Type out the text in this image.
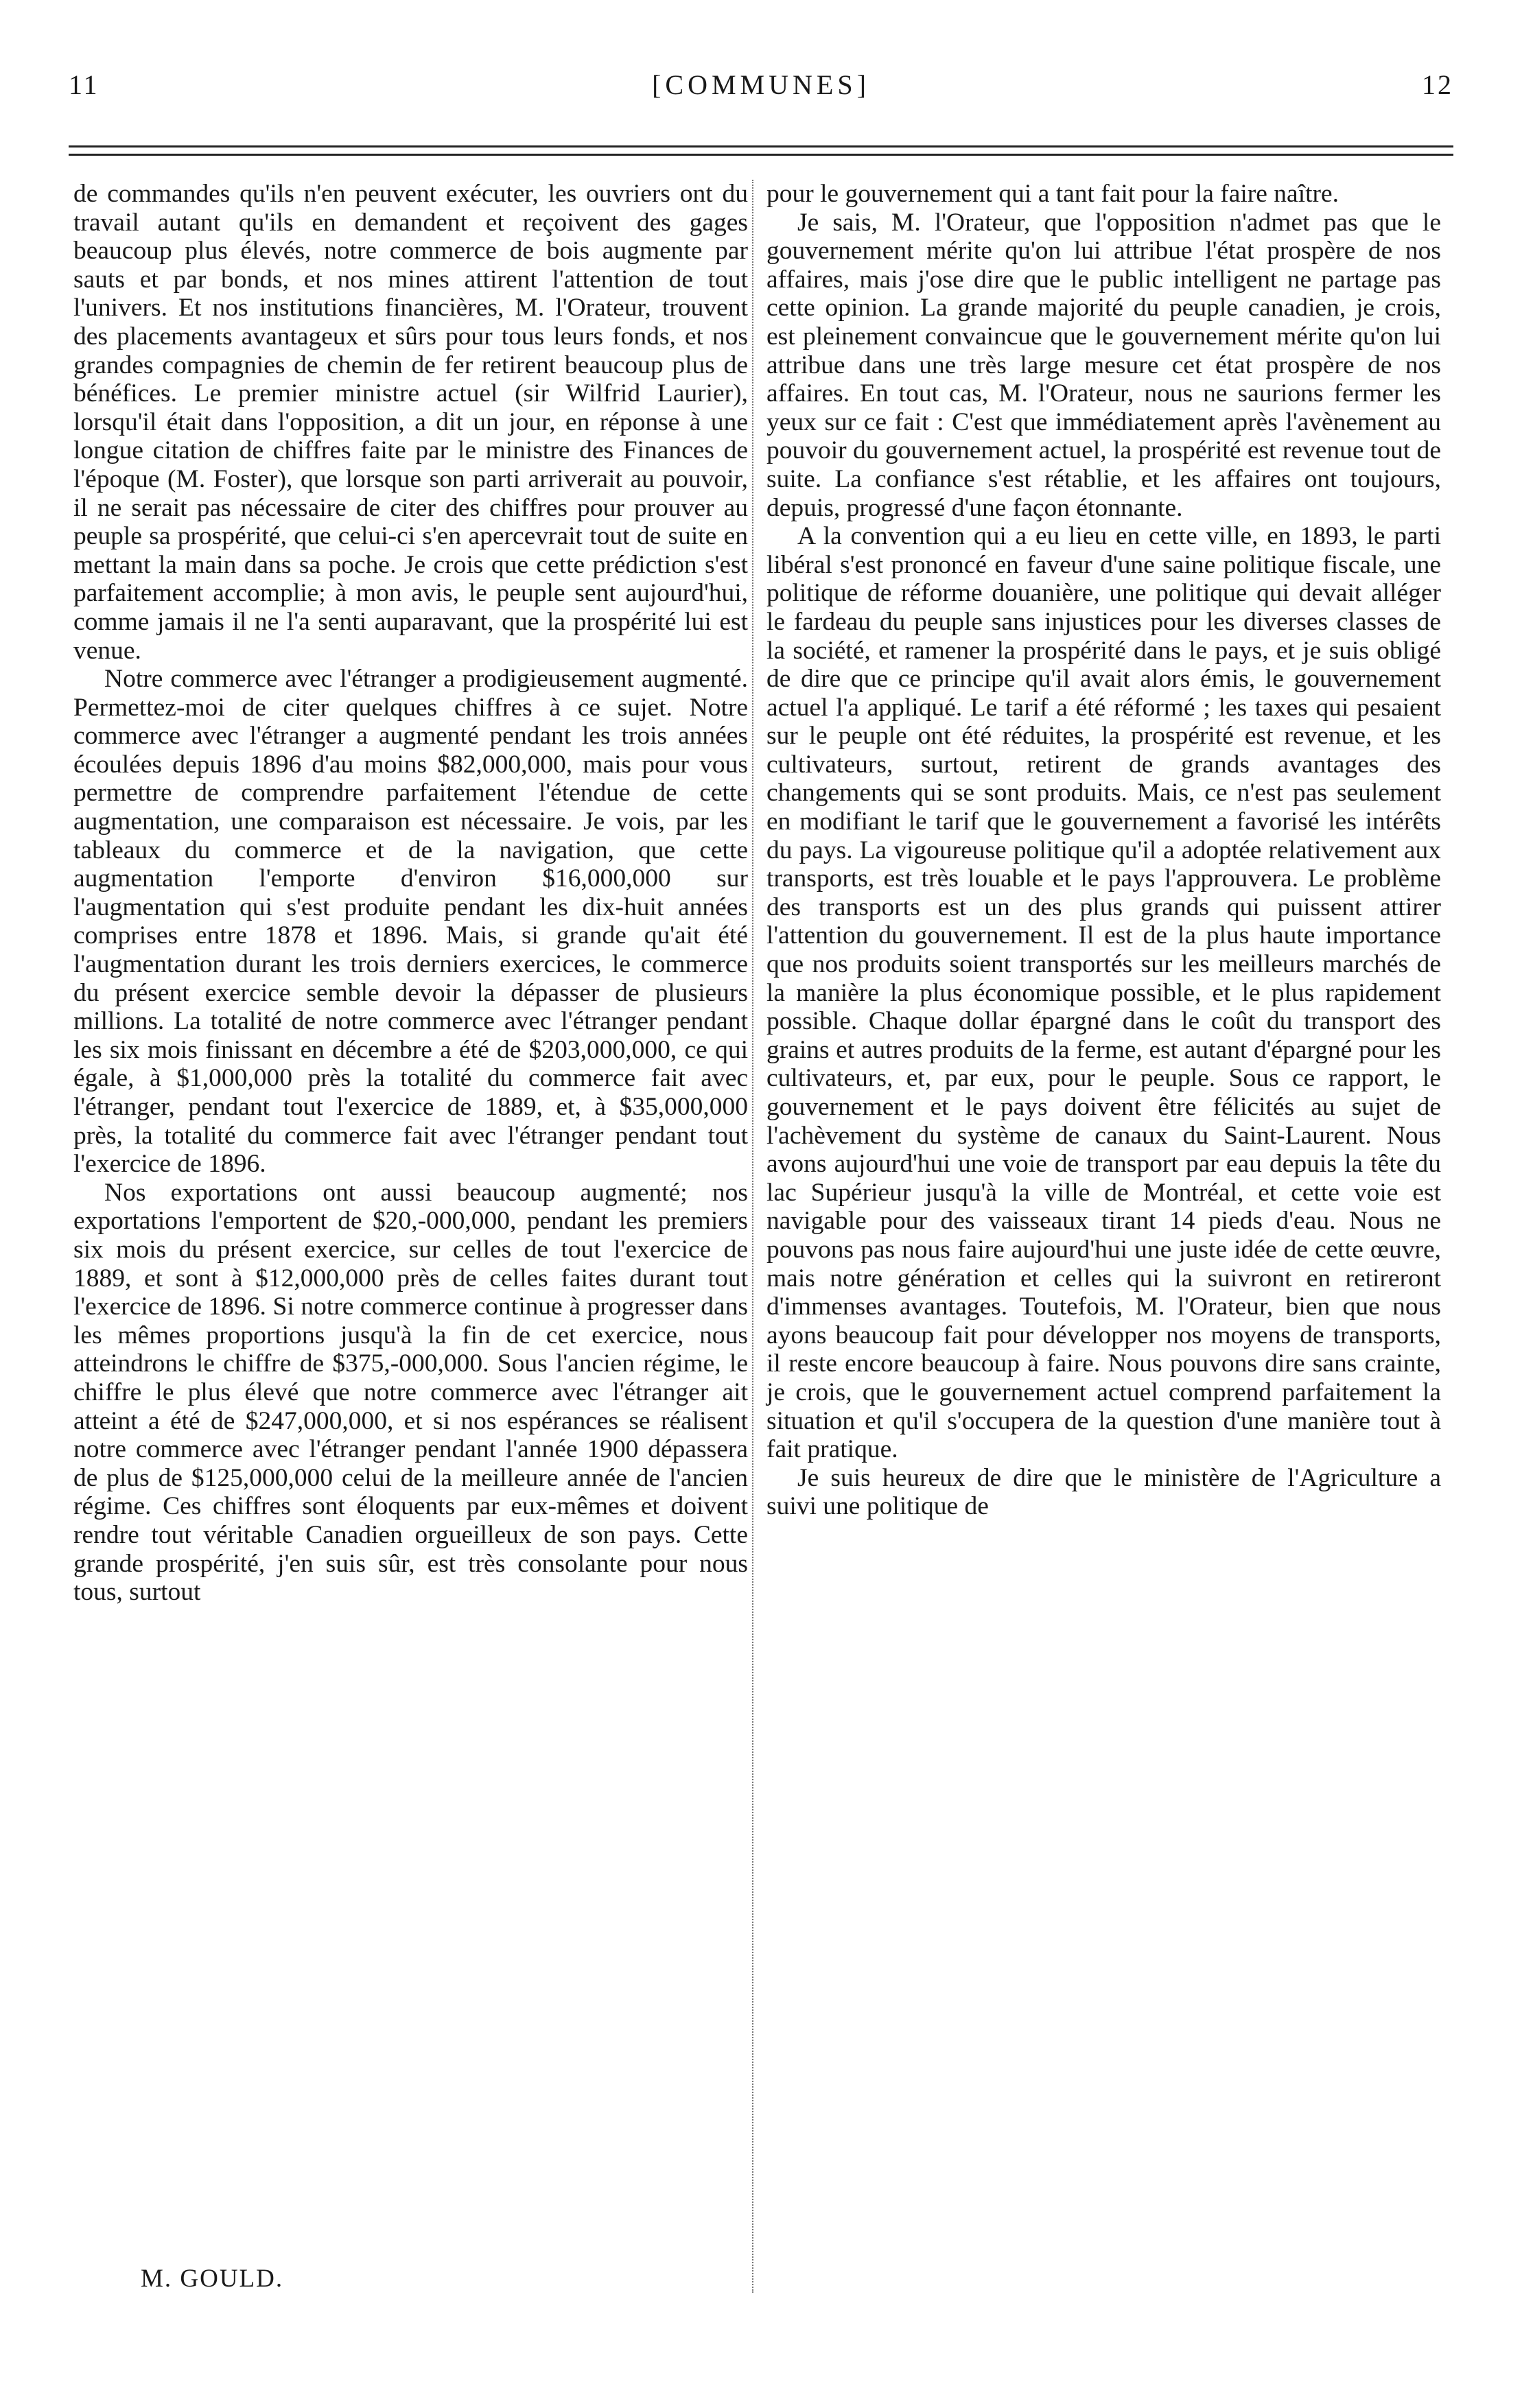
11	[COMMUNES]	12

de commandes qu'ils n'en peuvent exécuter, les ouvriers ont du travail autant qu'ils en demandent et reçoivent des gages beaucoup plus élevés, notre commerce de bois augmente par sauts et par bonds, et nos mines attirent l'attention de tout l'univers. Et nos institutions financières, M. l'Orateur, trouvent des placements avantageux et sûrs pour tous leurs fonds, et nos grandes compagnies de chemin de fer retirent beaucoup plus de bénéfices. Le premier ministre actuel (sir Wilfrid Laurier), lorsqu'il était dans l'opposition, a dit un jour, en réponse à une longue citation de chiffres faite par le ministre des Finances de l'époque (M. Foster), que lorsque son parti arriverait au pouvoir, il ne serait pas nécessaire de citer des chiffres pour prouver au peuple sa prospérité, que celui-ci s'en apercevrait tout de suite en mettant la main dans sa poche. Je crois que cette prédiction s'est parfaitement accomplie; à mon avis, le peuple sent aujourd'hui, comme jamais il ne l'a senti auparavant, que la prospérité lui est venue.

Notre commerce avec l'étranger a prodigieusement augmenté. Permettez-moi de citer quelques chiffres à ce sujet. Notre commerce avec l'étranger a augmenté pendant les trois années écoulées depuis 1896 d'au moins $82,000,000, mais pour vous permettre de comprendre parfaitement l'étendue de cette augmentation, une comparaison est nécessaire. Je vois, par les tableaux du commerce et de la navigation, que cette augmentation l'emporte d'environ $16,000,000 sur l'augmentation qui s'est produite pendant les dix-huit années comprises entre 1878 et 1896. Mais, si grande qu'ait été l'augmentation durant les trois derniers exercices, le commerce du présent exercice semble devoir la dépasser de plusieurs millions. La totalité de notre commerce avec l'étranger pendant les six mois finissant en décembre a été de $203,000,000, ce qui égale, à $1,000,000 près la totalité du commerce fait avec l'étranger, pendant tout l'exercice de 1889, et, à $35,000,000 près, la totalité du commerce fait avec l'étranger pendant tout l'exercice de 1896.

Nos exportations ont aussi beaucoup augmenté; nos exportations l'emportent de $20,-000,000, pendant les premiers six mois du présent exercice, sur celles de tout l'exercice de 1889, et sont à $12,000,000 près de celles faites durant tout l'exercice de 1896. Si notre commerce continue à progresser dans les mêmes proportions jusqu'à la fin de cet exercice, nous atteindrons le chiffre de $375,-000,000. Sous l'ancien régime, le chiffre le plus élevé que notre commerce avec l'étranger ait atteint a été de $247,000,000, et si nos espérances se réalisent notre commerce avec l'étranger pendant l'année 1900 dépassera de plus de $125,000,000 celui de la meilleure année de l'ancien régime. Ces chiffres sont éloquents par eux-mêmes et doivent rendre tout véritable Canadien orgueilleux de son pays. Cette grande prospérité, j'en suis sûr, est très consolante pour nous tous, surtout

pour le gouvernement qui a tant fait pour la faire naître.

Je sais, M. l'Orateur, que l'opposition n'admet pas que le gouvernement mérite qu'on lui attribue l'état prospère de nos affaires, mais j'ose dire que le public intelligent ne partage pas cette opinion. La grande majorité du peuple canadien, je crois, est pleinement convaincue que le gouvernement mérite qu'on lui attribue dans une très large mesure cet état prospère de nos affaires. En tout cas, M. l'Orateur, nous ne saurions fermer les yeux sur ce fait : C'est que immédiatement après l'avènement au pouvoir du gouvernement actuel, la prospérité est revenue tout de suite. La confiance s'est rétablie, et les affaires ont toujours, depuis, progressé d'une façon étonnante.

A la convention qui a eu lieu en cette ville, en 1893, le parti libéral s'est prononcé en faveur d'une saine politique fiscale, une politique de réforme douanière, une politique qui devait alléger le fardeau du peuple sans injustices pour les diverses classes de la société, et ramener la prospérité dans le pays, et je suis obligé de dire que ce principe qu'il avait alors émis, le gouvernement actuel l'a appliqué. Le tarif a été réformé ; les taxes qui pesaient sur le peuple ont été réduites, la prospérité est revenue, et les cultivateurs, surtout, retirent de grands avantages des changements qui se sont produits. Mais, ce n'est pas seulement en modifiant le tarif que le gouvernement a favorisé les intérêts du pays. La vigoureuse politique qu'il a adoptée relativement aux transports, est très louable et le pays l'approuvera. Le problème des transports est un des plus grands qui puissent attirer l'attention du gouvernement. Il est de la plus haute importance que nos produits soient transportés sur les meilleurs marchés de la manière la plus économique possible, et le plus rapidement possible. Chaque dollar épargné dans le coût du transport des grains et autres produits de la ferme, est autant d'épargné pour les cultivateurs, et, par eux, pour le peuple. Sous ce rapport, le gouvernement et le pays doivent être félicités au sujet de l'achèvement du système de canaux du Saint-Laurent. Nous avons aujourd'hui une voie de transport par eau depuis la tête du lac Supérieur jusqu'à la ville de Montréal, et cette voie est navigable pour des vaisseaux tirant 14 pieds d'eau. Nous ne pouvons pas nous faire aujourd'hui une juste idée de cette œuvre, mais notre génération et celles qui la suivront en retireront d'immenses avantages. Toutefois, M. l'Orateur, bien que nous ayons beaucoup fait pour développer nos moyens de transports, il reste encore beaucoup à faire. Nous pouvons dire sans crainte, je crois, que le gouvernement actuel comprend parfaitement la situation et qu'il s'occupera de la question d'une manière tout à fait pratique.

Je suis heureux de dire que le ministère de l'Agriculture a suivi une politique de

M. GOULD.
